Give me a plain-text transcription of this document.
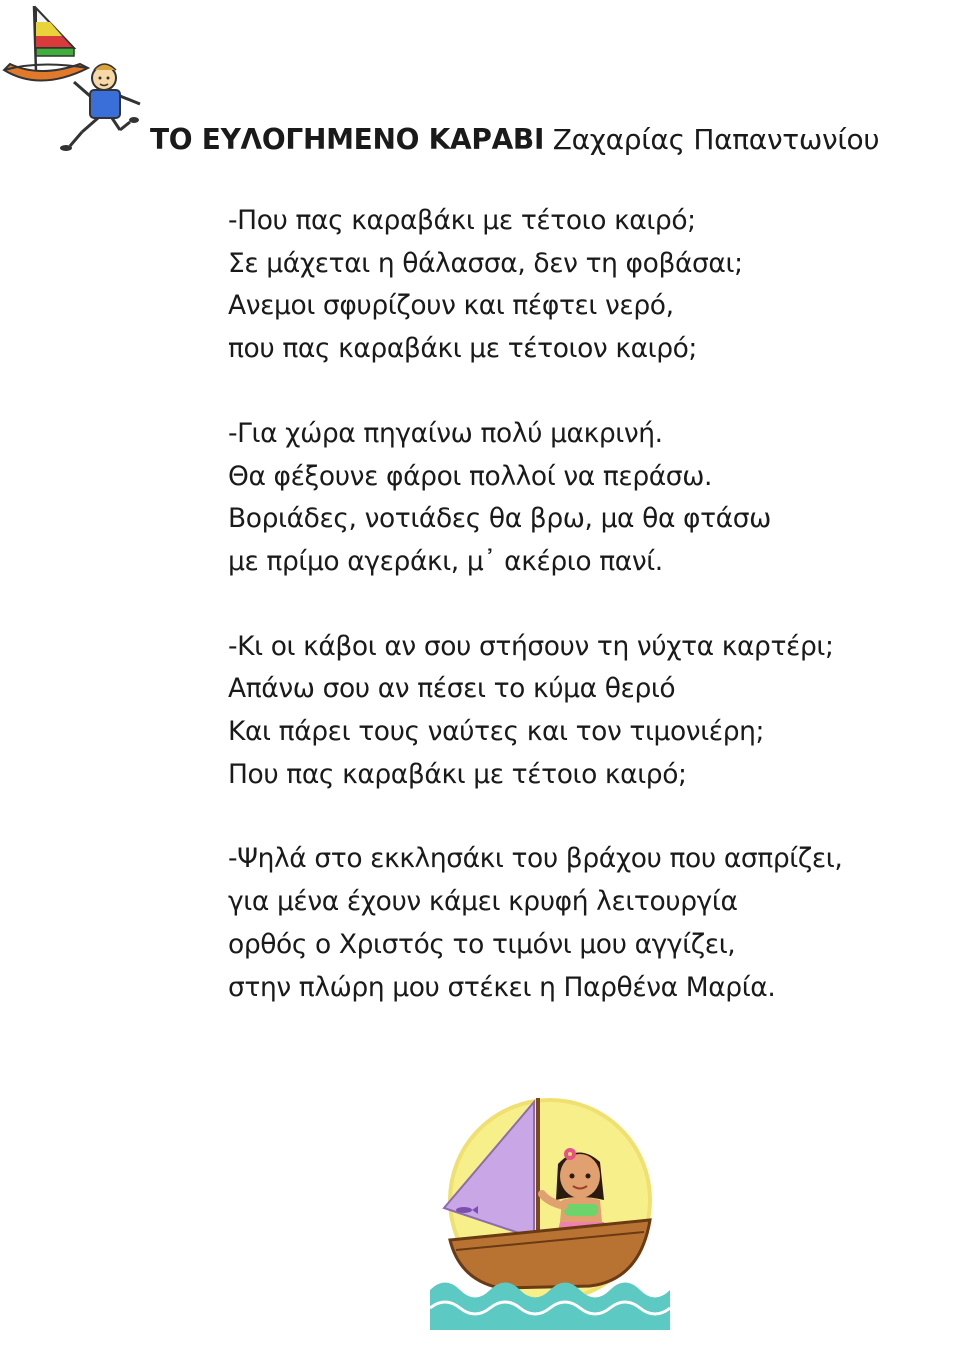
ΤΟ ΕΥΛΟΓΗΜΕΝΟ ΚΑΡΑΒΙ Ζαχαρίας Παπαντωνίου
-Που πας καραβάκι με τέτοιο καιρό;
Σε μάχεται η θάλασσα, δεν τη φοβάσαι;
Ανεμοι σφυρίζουν και πέφτει νερό,
που πας καραβάκι με τέτοιον καιρό;
-Για χώρα πηγαίνω πολύ μακρινή.
Θα φέξουνε φάροι πολλοί να περάσω.
Βοριάδες, νοτιάδες θα βρω, μα θα φτάσω
με πρίμο αγεράκι, μ᾽ ακέριο πανί.
-Κι οι κάβοι αν σου στήσουν τη νύχτα καρτέρι;
Απάνω σου αν πέσει το κύμα θεριό
Και πάρει τους ναύτες και τον τιμονιέρη;
Που πας καραβάκι με τέτοιο καιρό;
-Ψηλά στο εκκλησάκι του βράχου που ασπρίζει,
για μένα έχουν κάμει κρυφή λειτουργία
ορθός ο Χριστός το τιμόνι μου αγγίζει,
στην πλώρη μου στέκει η Παρθένα Μαρία.
